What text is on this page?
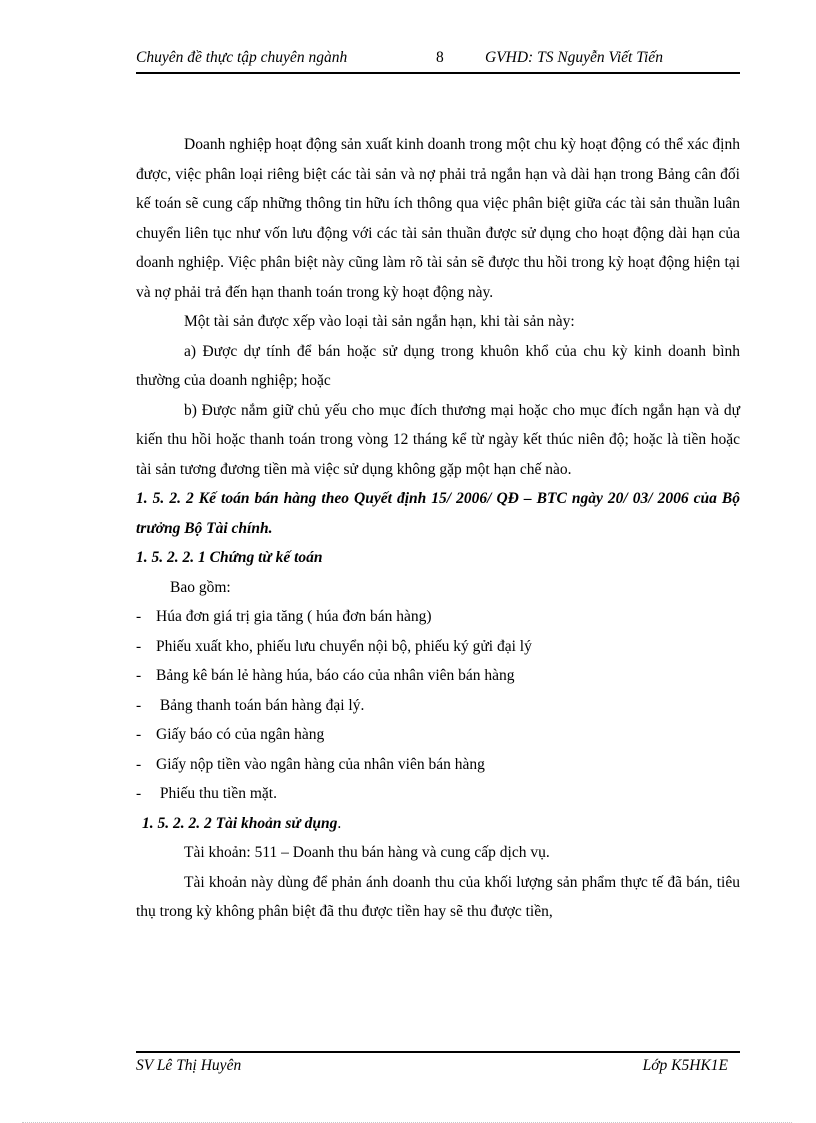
Chuyên đề thực tập chuyên ngành	8	GVHD: TS Nguyễn Viết Tiến

Doanh nghiệp hoạt động sản xuất kinh doanh trong một chu kỳ hoạt động có thể xác định được, việc phân loại riêng biệt các tài sản và nợ phải trả ngắn hạn và dài hạn trong Bảng cân đối kế toán sẽ cung cấp những thông tin hữu ích thông qua việc phân biệt giữa các tài sản thuần luân chuyển liên tục như vốn lưu động với các tài sản thuần được sử dụng cho hoạt động dài hạn của doanh nghiệp. Việc phân biệt này cũng làm rõ tài sản sẽ được thu hồi trong kỳ hoạt động hiện tại và nợ phải trả đến hạn thanh toán trong kỳ hoạt động này.

Một tài sản được xếp vào loại tài sản ngắn hạn, khi tài sản này:

a) Được dự tính để bán hoặc sử dụng trong khuôn khổ của chu kỳ kinh doanh bình thường của doanh nghiệp; hoặc

b) Được nắm giữ chủ yếu cho mục đích thương mại hoặc cho mục đích ngắn hạn và dự kiến thu hồi hoặc thanh toán trong vòng 12 tháng kể từ ngày kết thúc niên độ; hoặc là tiền hoặc tài sản tương đương tiền mà việc sử dụng không gặp một hạn chế nào.

1. 5. 2. 2 Kế toán bán hàng theo Quyết định 15/ 2006/ QĐ – BTC ngày 20/ 03/ 2006 của Bộ trưởng Bộ Tài chính.

1. 5. 2. 2. 1 Chứng từ kế toán

Bao gồm:

- Húa đơn giá trị gia tăng ( húa đơn bán hàng)

- Phiếu xuất kho, phiếu lưu chuyển nội bộ, phiếu ký gửi đại lý

- Bảng kê bán lẻ hàng húa, báo cáo của nhân viên bán hàng

- Bảng thanh toán bán hàng đại lý.

- Giấy báo có của ngân hàng

- Giấy nộp tiền vào ngân hàng của nhân viên bán hàng

- Phiếu thu tiền mặt.

1. 5. 2. 2. 2 Tài khoản sử dụng.

Tài khoản: 511 – Doanh thu bán hàng và cung cấp dịch vụ.

Tài khoản này dùng để phản ánh doanh thu của khối lượng sản phẩm thực tế đã bán, tiêu thụ trong kỳ không phân biệt đã thu được tiền hay sẽ thu được tiền,

SV Lê Thị Huyên	Lớp K5HK1E
